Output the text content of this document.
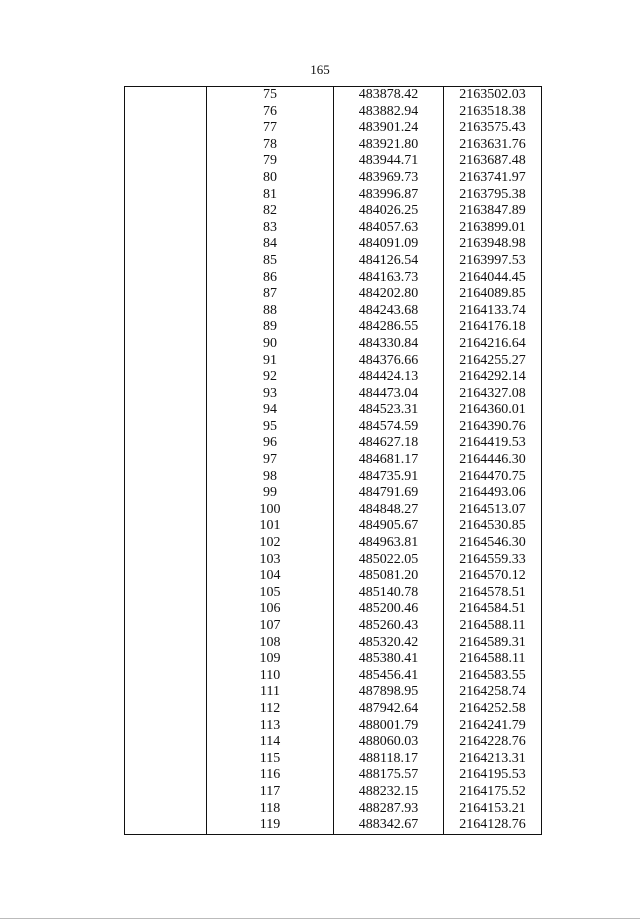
165
	75	483878.42	2163502.03
	76	483882.94	2163518.38
	77	483901.24	2163575.43
	78	483921.80	2163631.76
	79	483944.71	2163687.48
	80	483969.73	2163741.97
	81	483996.87	2163795.38
	82	484026.25	2163847.89
	83	484057.63	2163899.01
	84	484091.09	2163948.98
	85	484126.54	2163997.53
	86	484163.73	2164044.45
	87	484202.80	2164089.85
	88	484243.68	2164133.74
	89	484286.55	2164176.18
	90	484330.84	2164216.64
	91	484376.66	2164255.27
	92	484424.13	2164292.14
	93	484473.04	2164327.08
	94	484523.31	2164360.01
	95	484574.59	2164390.76
	96	484627.18	2164419.53
	97	484681.17	2164446.30
	98	484735.91	2164470.75
	99	484791.69	2164493.06
	100	484848.27	2164513.07
	101	484905.67	2164530.85
	102	484963.81	2164546.30
	103	485022.05	2164559.33
	104	485081.20	2164570.12
	105	485140.78	2164578.51
	106	485200.46	2164584.51
	107	485260.43	2164588.11
	108	485320.42	2164589.31
	109	485380.41	2164588.11
	110	485456.41	2164583.55
	111	487898.95	2164258.74
	112	487942.64	2164252.58
	113	488001.79	2164241.79
	114	488060.03	2164228.76
	115	488118.17	2164213.31
	116	488175.57	2164195.53
	117	488232.15	2164175.52
	118	488287.93	2164153.21
	119	488342.67	2164128.76
